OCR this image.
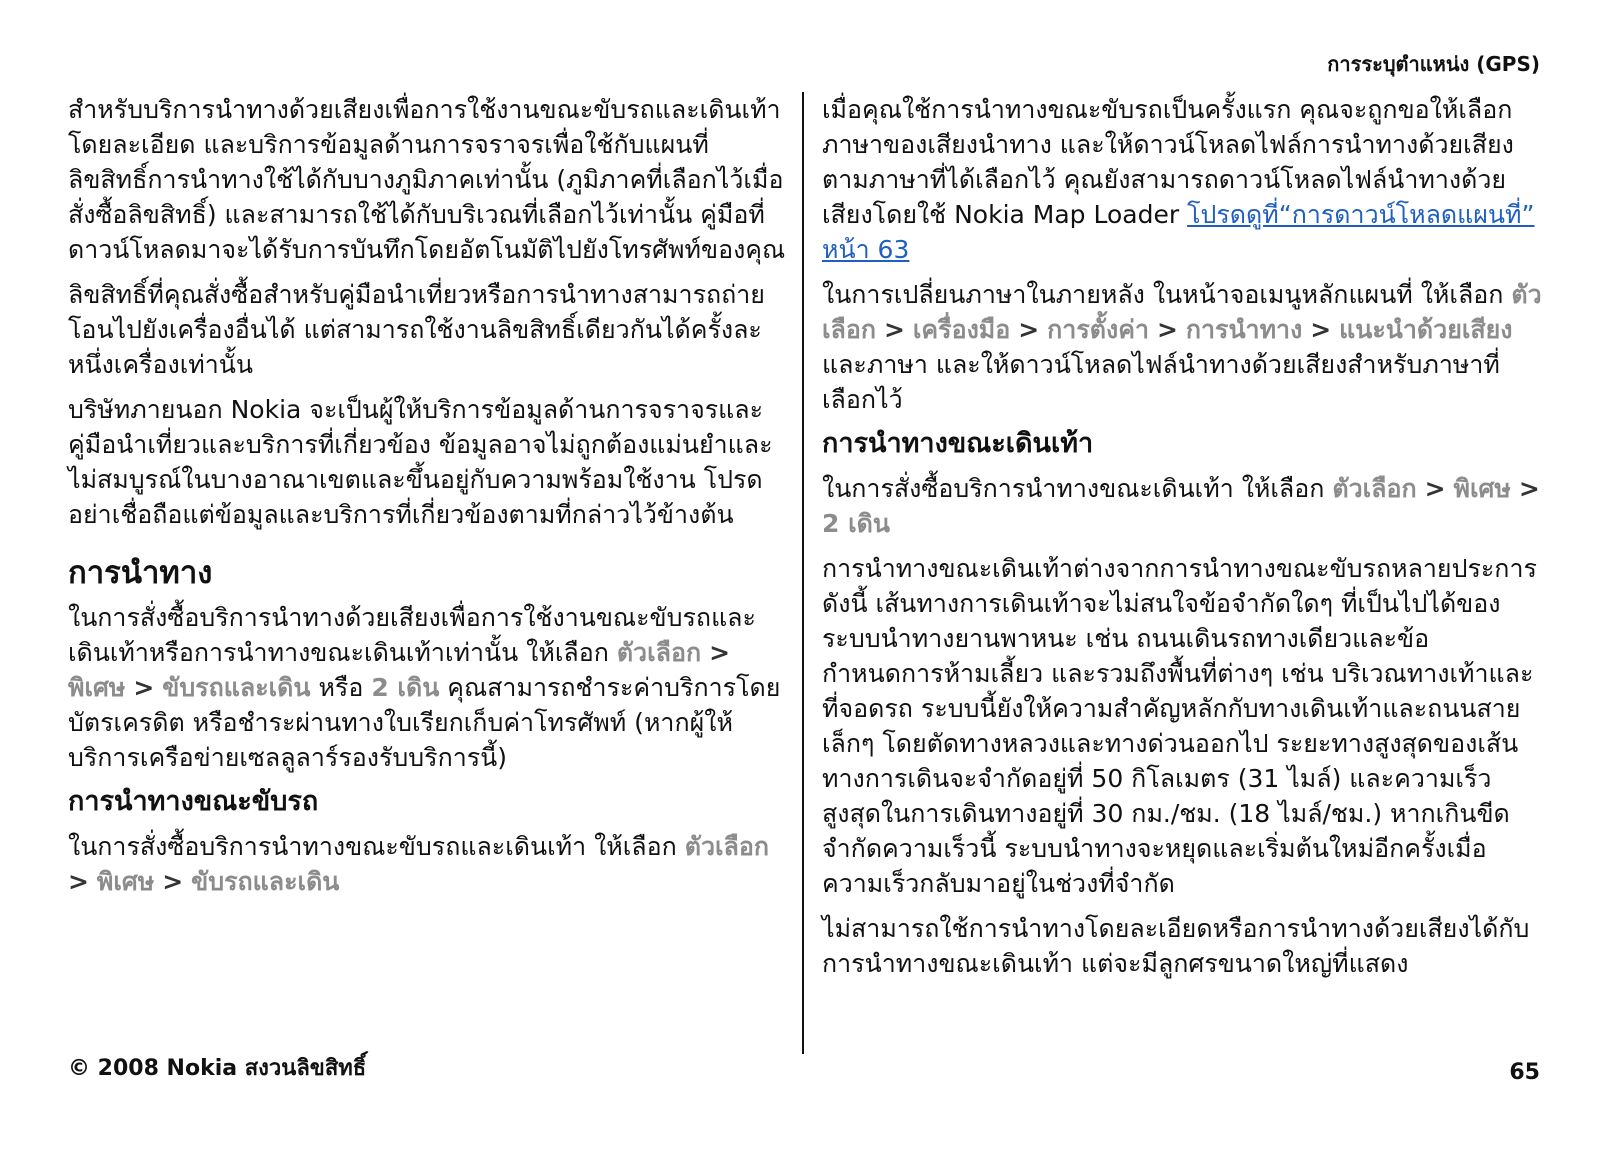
การระบุตำแหน่ง (GPS)

สำหรับบริการนำทางด้วยเสียงเพื่อการใช้งานขณะขับรถและเดินเท้าโดยละเอียด และบริการข้อมูลด้านการจราจรเพื่อใช้กับแผนที่ ลิขสิทธิ์การนำทางใช้ได้กับบางภูมิภาคเท่านั้น (ภูมิภาคที่เลือกไว้เมื่อสั่งซื้อลิขสิทธิ์) และสามารถใช้ได้กับบริเวณที่เลือกไว้เท่านั้น คู่มือที่ดาวน์โหลดมาจะได้รับการบันทึกโดยอัตโนมัติไปยังโทรศัพท์ของคุณ

ลิขสิทธิ์ที่คุณสั่งซื้อสำหรับคู่มือนำเที่ยวหรือการนำทางสามารถถ่ายโอนไปยังเครื่องอื่นได้ แต่สามารถใช้งานลิขสิทธิ์เดียวกันได้ครั้งละหนึ่งเครื่องเท่านั้น

บริษัทภายนอก Nokia จะเป็นผู้ให้บริการข้อมูลด้านการจราจรและคู่มือนำเที่ยวและบริการที่เกี่ยวข้อง ข้อมูลอาจไม่ถูกต้องแม่นยำและไม่สมบูรณ์ในบางอาณาเขตและขึ้นอยู่กับความพร้อมใช้งาน โปรดอย่าเชื่อถือแต่ข้อมูลและบริการที่เกี่ยวข้องตามที่กล่าวไว้ข้างต้น

การนำทาง

ในการสั่งซื้อบริการนำทางด้วยเสียงเพื่อการใช้งานขณะขับรถและเดินเท้าหรือการนำทางขณะเดินเท้าเท่านั้น ให้เลือก ตัวเลือก > พิเศษ > ขับรถและเดิน หรือ 2 เดิน คุณสามารถชำระค่าบริการโดยบัตรเครดิต หรือชำระผ่านทางใบเรียกเก็บค่าโทรศัพท์ (หากผู้ให้บริการเครือข่ายเซลลูลาร์รองรับบริการนี้)

การนำทางขณะขับรถ

ในการสั่งซื้อบริการนำทางขณะขับรถและเดินเท้า ให้เลือก ตัวเลือก > พิเศษ > ขับรถและเดิน

เมื่อคุณใช้การนำทางขณะขับรถเป็นครั้งแรก คุณจะถูกขอให้เลือกภาษาของเสียงนำทาง และให้ดาวน์โหลดไฟล์การนำทางด้วยเสียงตามภาษาที่ได้เลือกไว้ คุณยังสามารถดาวน์โหลดไฟล์นำทางด้วยเสียงโดยใช้ Nokia Map Loader โปรดดูที่“การดาวน์โหลดแผนที่” หน้า 63

ในการเปลี่ยนภาษาในภายหลัง ในหน้าจอเมนูหลักแผนที่ ให้เลือก ตัวเลือก > เครื่องมือ > การตั้งค่า > การนำทาง > แนะนำด้วยเสียง และภาษา และให้ดาวน์โหลดไฟล์นำทางด้วยเสียงสำหรับภาษาที่เลือกไว้

การนำทางขณะเดินเท้า

ในการสั่งซื้อบริการนำทางขณะเดินเท้า ให้เลือก ตัวเลือก > พิเศษ > 2 เดิน

การนำทางขณะเดินเท้าต่างจากการนำทางขณะขับรถหลายประการ ดังนี้ เส้นทางการเดินเท้าจะไม่สนใจข้อจำกัดใดๆ ที่เป็นไปได้ของระบบนำทางยานพาหนะ เช่น ถนนเดินรถทางเดียวและข้อกำหนดการห้ามเลี้ยว และรวมถึงพื้นที่ต่างๆ เช่น บริเวณทางเท้าและที่จอดรถ ระบบนี้ยังให้ความสำคัญหลักกับทางเดินเท้าและถนนสายเล็กๆ โดยตัดทางหลวงและทางด่วนออกไป ระยะทางสูงสุดของเส้นทางการเดินจะจำกัดอยู่ที่ 50 กิโลเมตร (31 ไมล์) และความเร็วสูงสุดในการเดินทางอยู่ที่ 30 กม./ชม. (18 ไมล์/ชม.) หากเกินขีดจำกัดความเร็วนี้ ระบบนำทางจะหยุดและเริ่มต้นใหม่อีกครั้งเมื่อความเร็วกลับมาอยู่ในช่วงที่จำกัด

ไม่สามารถใช้การนำทางโดยละเอียดหรือการนำทางด้วยเสียงได้กับการนำทางขณะเดินเท้า แต่จะมีลูกศรขนาดใหญ่ที่แสดง

© 2008 Nokia สงวนลิขสิทธิ์	65
